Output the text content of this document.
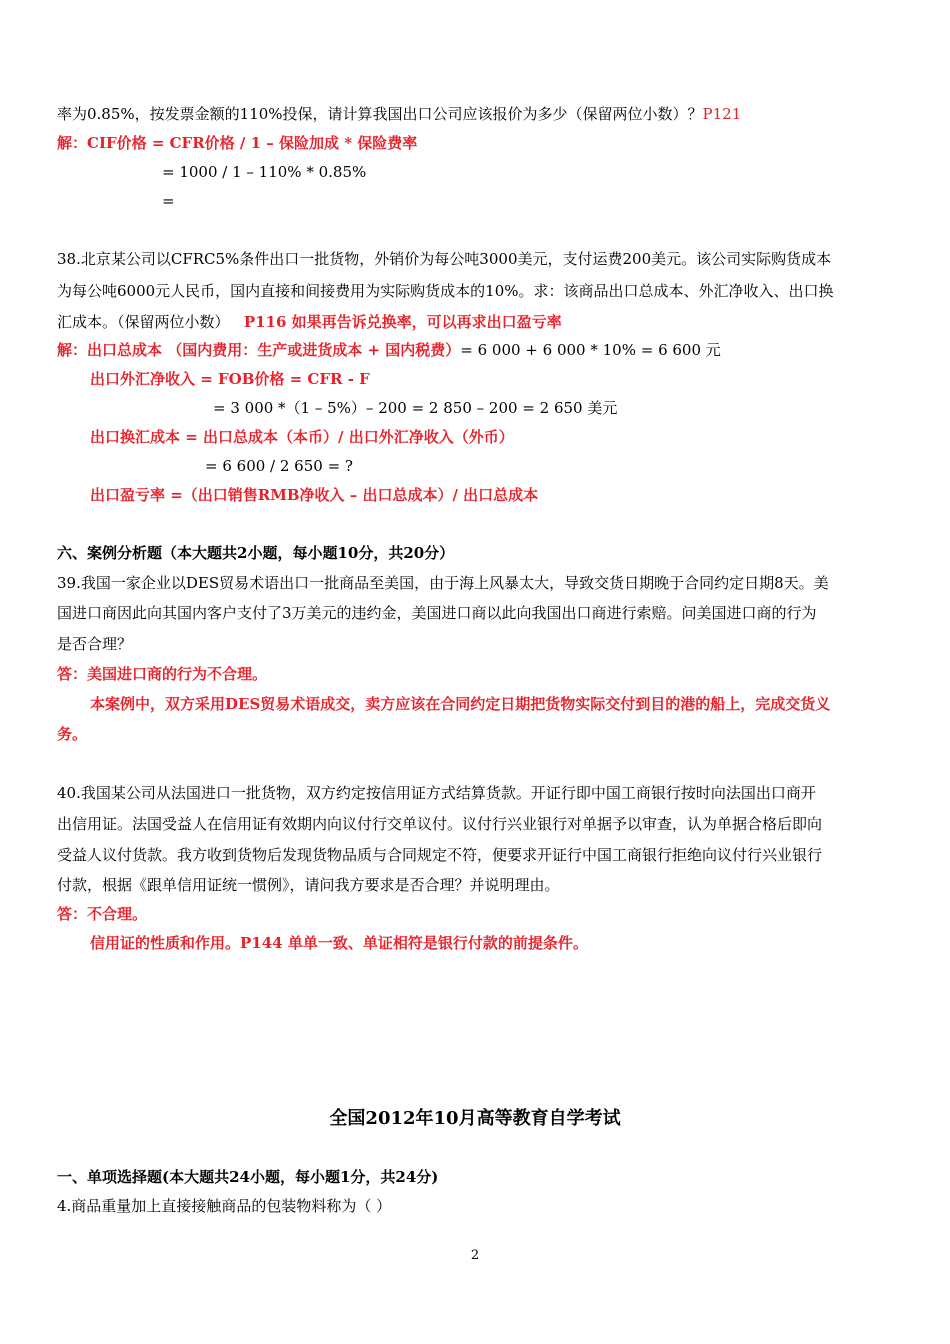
率为0.85%，按发票金额的110%投保，请计算我国出口公司应该报价为多少（保留两位小数）？P121
解：CIF价格 = CFR价格 / 1 – 保险加成 * 保险费率
= 1000 / 1 – 110% * 0.85%
=
38.北京某公司以CFRC5%条件出口一批货物，外销价为每公吨3000美元，支付运费200美元。该公司实际购货成本
为每公吨6000元人民币，国内直接和间接费用为实际购货成本的10%。求：该商品出口总成本、外汇净收入、出口换
汇成本。（保留两位小数） P116 如果再告诉兑换率，可以再求出口盈亏率
解：出口总成本 （国内费用：生产或进货成本 + 国内税费）= 6 000 + 6 000 * 10% = 6 600 元
出口外汇净收入 = FOB价格 = CFR - F
= 3 000 *（1 – 5%）– 200 = 2 850 – 200 = 2 650 美元
出口换汇成本 = 出口总成本（本币）/ 出口外汇净收入（外币）
= 6 600 / 2 650 = ?
出口盈亏率 =（出口销售RMB净收入 – 出口总成本）/ 出口总成本
六、案例分析题（本大题共2小题，每小题10分，共20分）
39.我国一家企业以DES贸易术语出口一批商品至美国，由于海上风暴太大，导致交货日期晚于合同约定日期8天。美
国进口商因此向其国内客户支付了3万美元的违约金，美国进口商以此向我国出口商进行索赔。问美国进口商的行为
是否合理？
答：美国进口商的行为不合理。
本案例中，双方采用DES贸易术语成交，卖方应该在合同约定日期把货物实际交付到目的港的船上，完成交货义
务。
40.我国某公司从法国进口一批货物，双方约定按信用证方式结算货款。开证行即中国工商银行按时向法国出口商开
出信用证。法国受益人在信用证有效期内向议付行交单议付。议付行兴业银行对单据予以审查，认为单据合格后即向
受益人议付货款。我方收到货物后发现货物品质与合同规定不符，便要求开证行中国工商银行拒绝向议付行兴业银行
付款，根据《跟单信用证统一惯例》，请问我方要求是否合理？并说明理由。
答：不合理。
信用证的性质和作用。P144 单单一致、单证相符是银行付款的前提条件。
全国2012年10月高等教育自学考试
一、单项选择题(本大题共24小题，每小题1分，共24分)
4.商品重量加上直接接触商品的包装物料称为（ ）
2
